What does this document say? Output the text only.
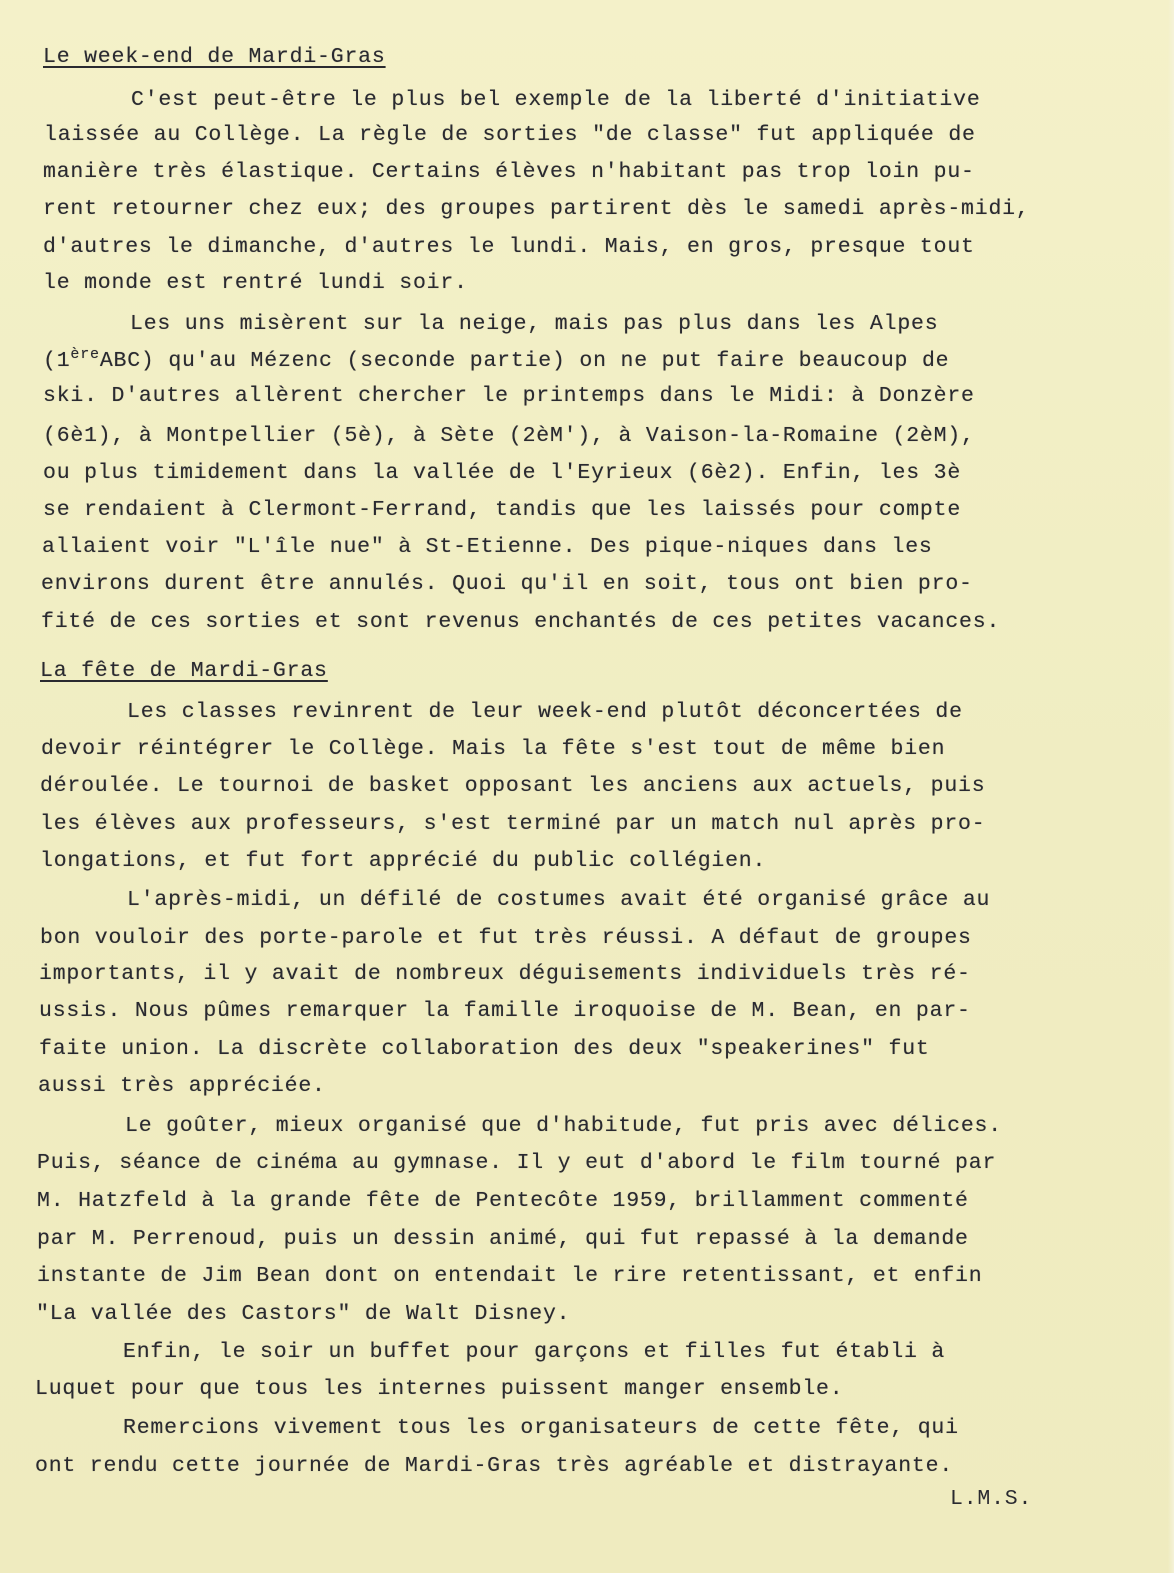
Le week-end de Mardi-Gras
C'est peut-être le plus bel exemple de la liberté d'initiative
laissée au Collège. La règle de sorties "de classe" fut appliquée de
manière très élastique. Certains élèves n'habitant pas trop loin pu-
rent retourner chez eux; des groupes partirent dès le samedi après-midi,
d'autres le dimanche, d'autres le lundi. Mais, en gros, presque tout
le monde est rentré lundi soir.
Les uns misèrent sur la neige, mais pas plus dans les Alpes
(1èreABC) qu'au Mézenc (seconde partie) on ne put faire beaucoup de
ski. D'autres allèrent chercher le printemps dans le Midi: à Donzère
(6è1), à Montpellier (5è), à Sète (2èM'), à Vaison-la-Romaine (2èM),
ou plus timidement dans la vallée de l'Eyrieux (6è2). Enfin, les 3è
se rendaient à Clermont-Ferrand, tandis que les laissés pour compte
allaient voir "L'île nue" à St-Etienne. Des pique-niques dans les
environs durent être annulés. Quoi qu'il en soit, tous ont bien pro-
fité de ces sorties et sont revenus enchantés de ces petites vacances.
La fête de Mardi-Gras
Les classes revinrent de leur week-end plutôt déconcertées de
devoir réintégrer le Collège. Mais la fête s'est tout de même bien
déroulée. Le tournoi de basket opposant les anciens aux actuels, puis
les élèves aux professeurs, s'est terminé par un match nul après pro-
longations, et fut fort apprécié du public collégien.
L'après-midi, un défilé de costumes avait été organisé grâce au
bon vouloir des porte-parole et fut très réussi. A défaut de groupes
importants, il y avait de nombreux déguisements individuels très ré-
ussis. Nous pûmes remarquer la famille iroquoise de M. Bean, en par-
faite union. La discrète collaboration des deux "speakerines" fut
aussi très appréciée.
Le goûter, mieux organisé que d'habitude, fut pris avec délices.
Puis, séance de cinéma au gymnase. Il y eut d'abord le film tourné par
M. Hatzfeld à la grande fête de Pentecôte 1959, brillamment commenté
par M. Perrenoud, puis un dessin animé, qui fut repassé à la demande
instante de Jim Bean dont on entendait le rire retentissant, et enfin
"La vallée des Castors" de Walt Disney.
Enfin, le soir un buffet pour garçons et filles fut établi à
Luquet pour que tous les internes puissent manger ensemble.
Remercions vivement tous les organisateurs de cette fête, qui
ont rendu cette journée de Mardi-Gras très agréable et distrayante.
L.M.S.
